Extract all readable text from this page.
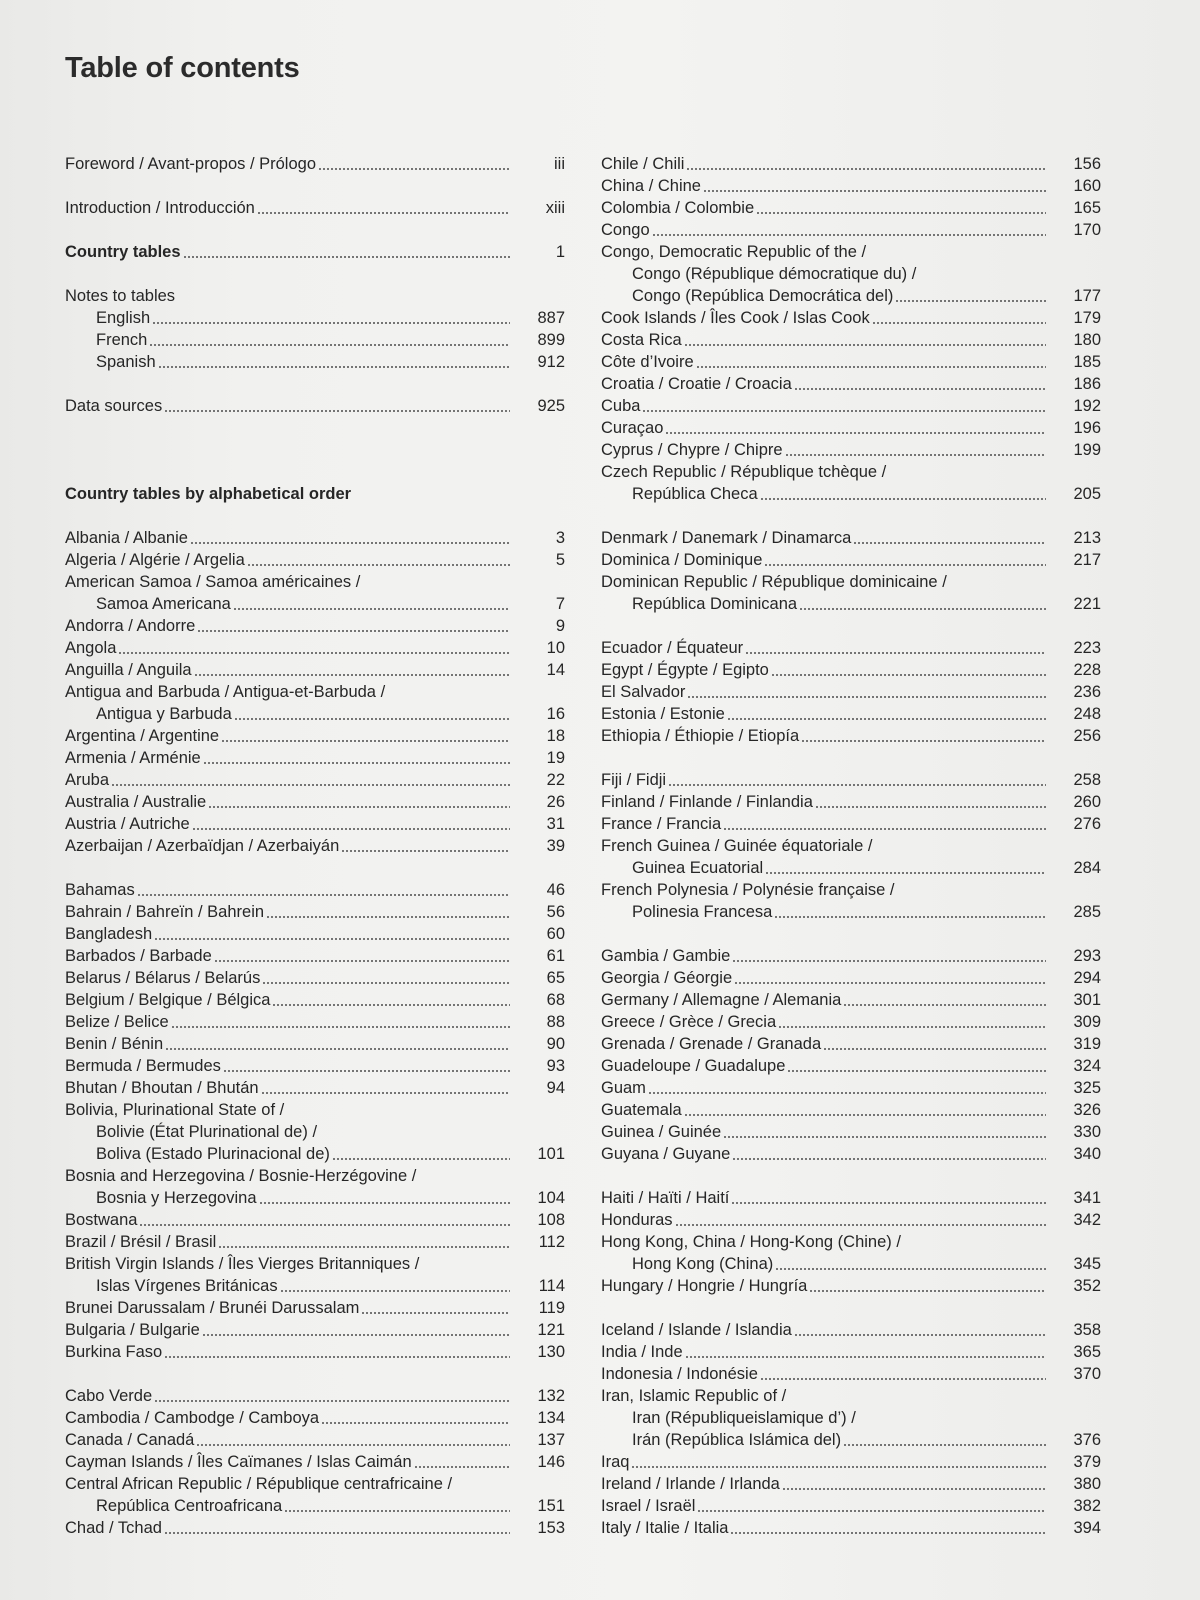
Table of contents
Foreword / Avant-propos / Prólogo	iii
Introduction / Introducción	xiii
Country tables	1
Notes to tables
English	887
French	899
Spanish	912
Data sources	925
Country tables by alphabetical order
Albania / Albanie	3
Algeria / Algérie / Argelia	5
American Samoa / Samoa américaines /
Samoa Americana	7
Andorra / Andorre	9
Angola	10
Anguilla / Anguila	14
Antigua and Barbuda / Antigua-et-Barbuda /
Antigua y Barbuda	16
Argentina / Argentine	18
Armenia / Arménie	19
Aruba	22
Australia / Australie	26
Austria / Autriche	31
Azerbaijan / Azerbaïdjan / Azerbaiyán	39
Bahamas	46
Bahrain / Bahreïn / Bahrein	56
Bangladesh	60
Barbados / Barbade	61
Belarus / Bélarus / Belarús	65
Belgium / Belgique / Bélgica	68
Belize / Belice	88
Benin / Bénin	90
Bermuda / Bermudes	93
Bhutan / Bhoutan / Bhután	94
Bolivia, Plurinational State of /
Bolivie (État Plurinational de) /
Boliva (Estado Plurinacional de)	101
Bosnia and Herzegovina / Bosnie-Herzégovine /
Bosnia y Herzegovina	104
Bostwana	108
Brazil / Brésil / Brasil	112
British Virgin Islands / Îles Vierges Britanniques /
Islas Vírgenes Británicas	114
Brunei Darussalam / Brunéi Darussalam	119
Bulgaria / Bulgarie	121
Burkina Faso	130
Cabo Verde	132
Cambodia / Cambodge / Camboya	134
Canada / Canadá	137
Cayman Islands / Îles Caïmanes / Islas Caimán	146
Central African Republic / République centrafricaine /
República Centroafricana	151
Chad / Tchad	153
Chile / Chili	156
China / Chine	160
Colombia / Colombie	165
Congo	170
Congo, Democratic Republic of the /
Congo (République démocratique du) /
Congo (República Democrática del)	177
Cook Islands / Îles Cook / Islas Cook	179
Costa Rica	180
Côte d’Ivoire	185
Croatia / Croatie / Croacia	186
Cuba	192
Curaçao	196
Cyprus / Chypre / Chipre	199
Czech Republic / République tchèque /
República Checa	205
Denmark / Danemark / Dinamarca	213
Dominica / Dominique	217
Dominican Republic / République dominicaine /
República Dominicana	221
Ecuador / Équateur	223
Egypt / Égypte / Egipto	228
El Salvador	236
Estonia / Estonie	248
Ethiopia / Éthiopie / Etiopía	256
Fiji / Fidji	258
Finland / Finlande / Finlandia	260
France / Francia	276
French Guinea / Guinée équatoriale /
Guinea Ecuatorial	284
French Polynesia / Polynésie française /
Polinesia Francesa	285
Gambia / Gambie	293
Georgia / Géorgie	294
Germany / Allemagne / Alemania	301
Greece / Grèce / Grecia	309
Grenada / Grenade / Granada	319
Guadeloupe / Guadalupe	324
Guam	325
Guatemala	326
Guinea / Guinée	330
Guyana / Guyane	340
Haiti / Haïti / Haití	341
Honduras	342
Hong Kong, China / Hong-Kong (Chine) /
Hong Kong (China)	345
Hungary / Hongrie / Hungría	352
Iceland / Islande / Islandia	358
India / Inde	365
Indonesia / Indonésie	370
Iran, Islamic Republic of /
Iran (Républiqueislamique d’) /
Irán (República Islámica del)	376
Iraq	379
Ireland / Irlande / Irlanda	380
Israel / Israël	382
Italy / Italie / Italia	394
